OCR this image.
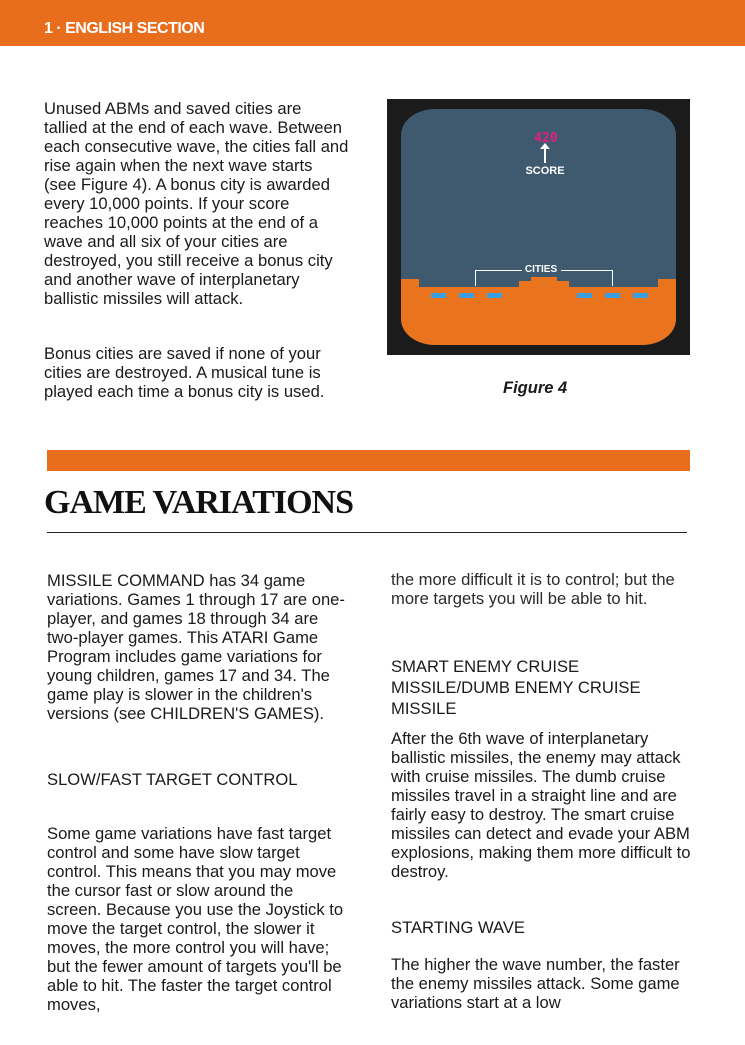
1 · ENGLISH SECTION

Unused ABMs and saved cities are tallied at the end of each wave. Between each consecutive wave, the cities fall and rise again when the next wave starts (see Figure 4). A bonus city is awarded every 10,000 points. If your score reaches 10,000 points at the end of a wave and all six of your cities are destroyed, you still receive a bonus city and another wave of interplanetary ballistic missiles will attack.

Bonus cities are saved if none of your cities are destroyed. A musical tune is played each time a bonus city is used.

420
SCORE
CITIES
Figure 4
GAME VARIATIONS

MISSILE COMMAND has 34 game variations. Games 1 through 17 are one-player, and games 18 through 34 are two-player games. This ATARI Game Program includes game variations for young children, games 17 and 34. The game play is slower in the children's versions (see CHILDREN'S GAMES).

SLOW/FAST TARGET CONTROL

Some game variations have fast target control and some have slow target control. This means that you may move the cursor fast or slow around the screen. Because you use the Joystick to move the target control, the slower it moves, the more control you will have; but the fewer amount of targets you'll be able to hit. The faster the target control moves,

the more difficult it is to control; but the more targets you will be able to hit.

SMART ENEMY CRUISE MISSILE/DUMB ENEMY CRUISE MISSILE

After the 6th wave of interplanetary ballistic missiles, the enemy may attack with cruise missiles. The dumb cruise missiles travel in a straight line and are fairly easy to destroy. The smart cruise missiles can detect and evade your ABM explosions, making them more difficult to destroy.

STARTING WAVE

The higher the wave number, the faster the enemy missiles attack. Some game variations start at a low
